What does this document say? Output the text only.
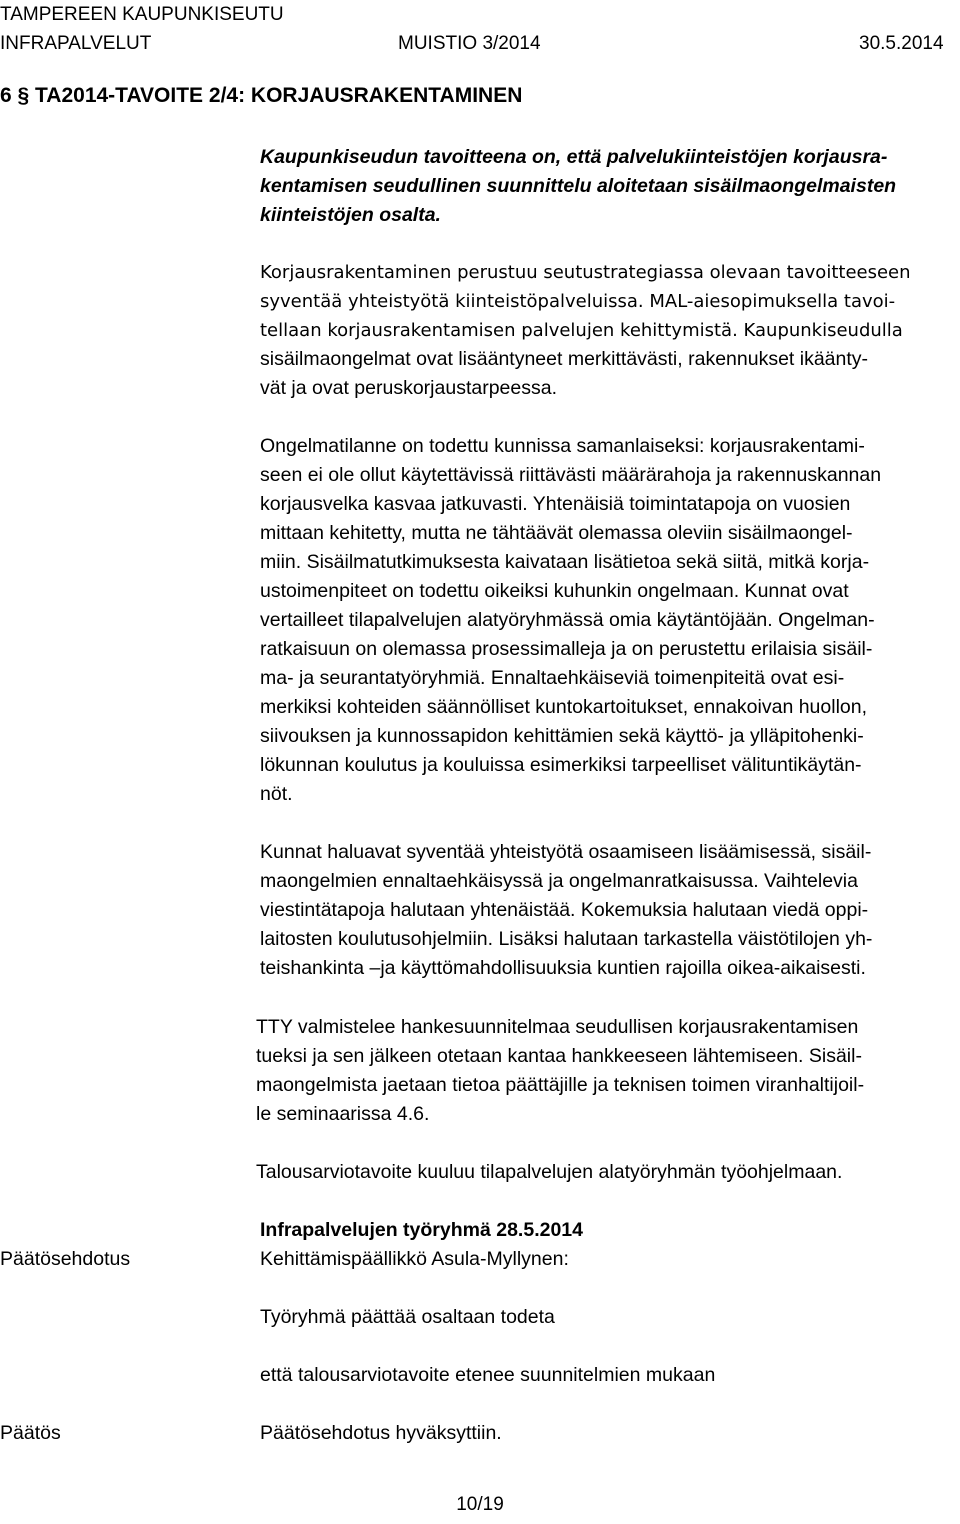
TAMPEREEN KAUPUNKISEUTU
INFRAPALVELUT	MUISTIO 3/2014	30.5.2014
6 § TA2014-TAVOITE 2/4: KORJAUSRAKENTAMINEN

Kaupunkiseudun tavoitteena on, että palvelukiinteistöjen korjausra-

kentamisen seudullinen suunnittelu aloitetaan sisäilmaongelmaisten

kiinteistöjen osalta.

Korjausrakentaminen perustuu seutustrategiassa olevaan tavoitteeseen

syventää yhteistyötä kiinteistöpalveluissa. MAL-aiesopimuksella tavoi-

tellaan korjausrakentamisen palvelujen kehittymistä. Kaupunkiseudulla

sisäilmaongelmat ovat lisääntyneet merkittävästi, rakennukset ikäänty-

vät ja ovat peruskorjaustarpeessa.

Ongelmatilanne on todettu kunnissa samanlaiseksi: korjausrakentami-

seen ei ole ollut käytettävissä riittävästi määrärahoja ja rakennuskannan

korjausvelka kasvaa jatkuvasti. Yhtenäisiä toimintatapoja on vuosien

mittaan kehitetty, mutta ne tähtäävät olemassa oleviin sisäilmaongel-

miin. Sisäilmatutkimuksesta kaivataan lisätietoa sekä siitä, mitkä korja-

ustoimenpiteet on todettu oikeiksi kuhunkin ongelmaan. Kunnat ovat

vertailleet tilapalvelujen alatyöryhmässä omia käytäntöjään. Ongelman-

ratkaisuun on olemassa prosessimalleja ja on perustettu erilaisia sisäil-

ma- ja seurantatyöryhmiä. Ennaltaehkäiseviä toimenpiteitä ovat esi-

merkiksi kohteiden säännölliset kuntokartoitukset, ennakoivan huollon,

siivouksen ja kunnossapidon kehittämien sekä käyttö- ja ylläpitohenki-

lökunnan koulutus ja kouluissa esimerkiksi tarpeelliset välituntikäytän-

nöt.

Kunnat haluavat syventää yhteistyötä osaamiseen lisäämisessä, sisäil-

maongelmien ennaltaehkäisyssä ja ongelmanratkaisussa. Vaihtelevia

viestintätapoja halutaan yhtenäistää. Kokemuksia halutaan viedä oppi-

laitosten koulutusohjelmiin. Lisäksi halutaan tarkastella väistötilojen yh-

teishankinta –ja käyttömahdollisuuksia kuntien rajoilla oikea-aikaisesti.

TTY valmistelee hankesuunnitelmaa seudullisen korjausrakentamisen

tueksi ja sen jälkeen otetaan kantaa hankkeeseen lähtemiseen. Sisäil-

maongelmista jaetaan tietoa päättäjille ja teknisen toimen viranhaltijoil-

le seminaarissa 4.6.

Talousarviotavoite kuuluu tilapalvelujen alatyöryhmän työohjelmaan.

Infrapalvelujen työryhmä 28.5.2014
Päätösehdotus	Kehittämispäällikkö Asula-Myllynen:
Työryhmä päättää osaltaan todeta
että talousarviotavoite etenee suunnitelmien mukaan
Päätös	Päätösehdotus hyväksyttiin.
10/19
